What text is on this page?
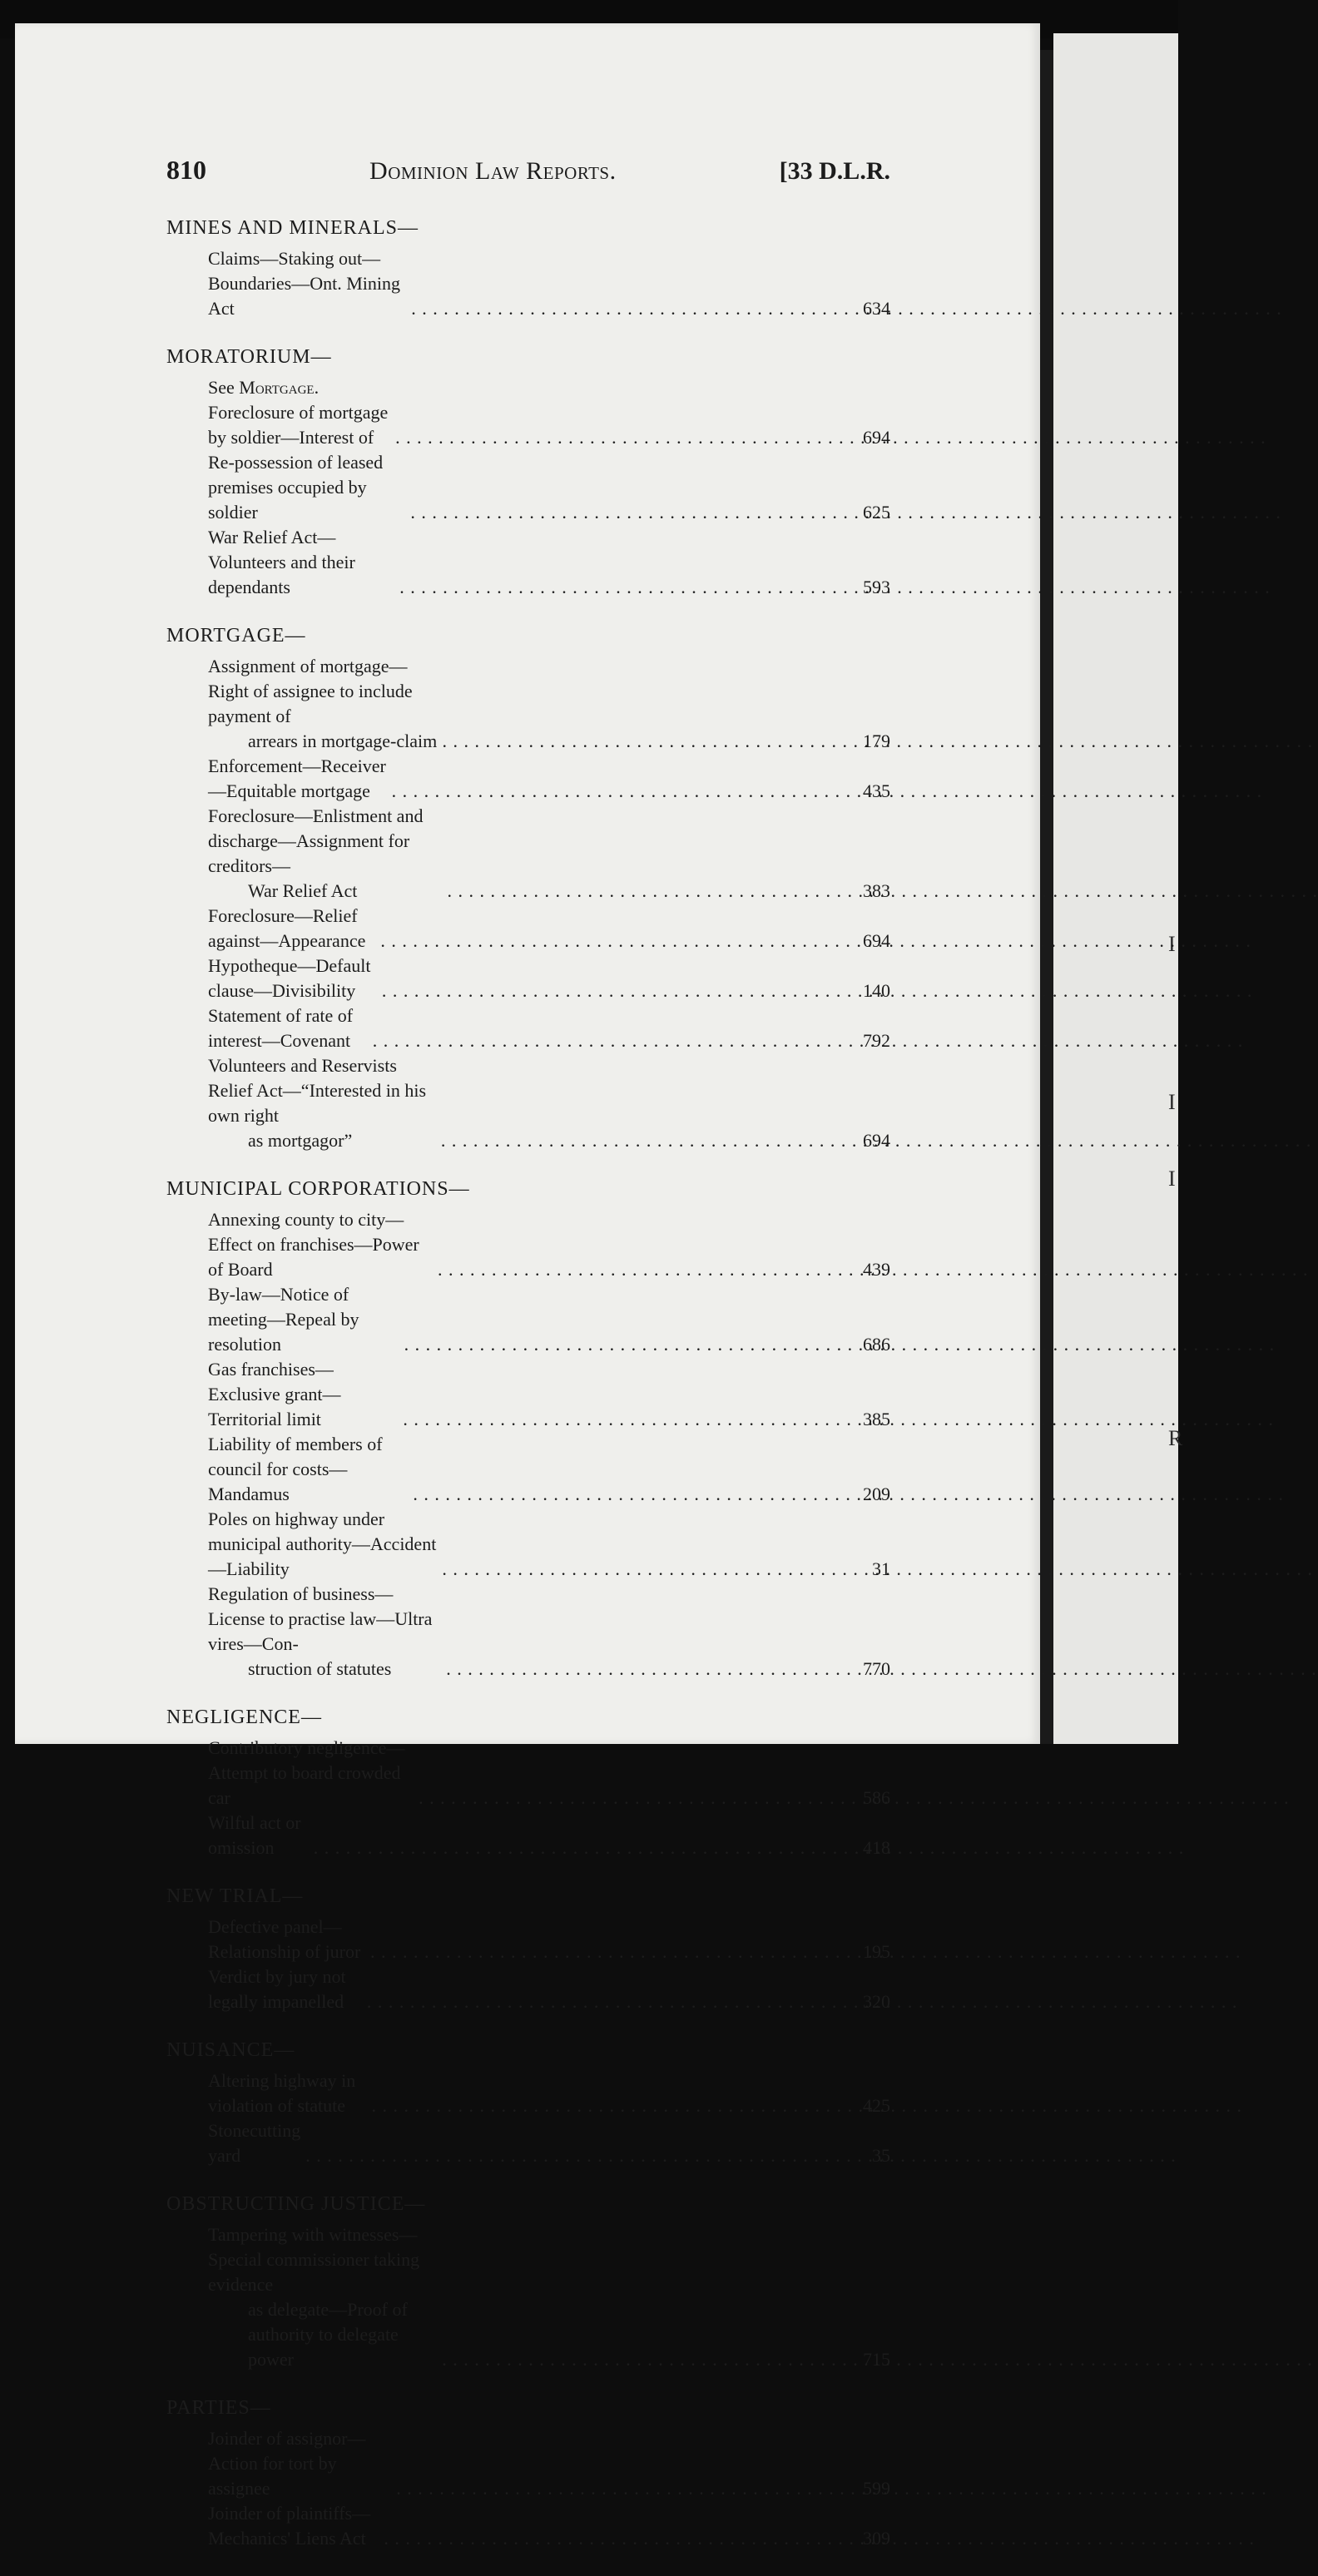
I
I
I
R
810	Dominion Law Reports.	[33 D.L.R.
MINES AND MINERALS—
Claims—Staking out—Boundaries—Ont. Mining Act . . .	634
MORATORIUM—
See Mortgage.
Foreclosure of mortgage by soldier—Interest of . . .	694
Re-possession of leased premises occupied by soldier . . .	625
War Relief Act—Volunteers and their dependants . . .	593
MORTGAGE—
Assignment of mortgage—Right of assignee to include payment of
arrears in mortgage-claim . . .	179
Enforcement—Receiver—Equitable mortgage . . .	435
Foreclosure—Enlistment and discharge—Assignment for creditors—
War Relief Act . . .	383
Foreclosure—Relief against—Appearance . . .	694
Hypotheque—Default clause—Divisibility . . .	140
Statement of rate of interest—Covenant . . .	792
Volunteers and Reservists Relief Act—“Interested in his own right
as mortgagor” . . .	694
MUNICIPAL CORPORATIONS—
Annexing county to city—Effect on franchises—Power of Board . . .	439
By-law—Notice of meeting—Repeal by resolution . . .	686
Gas franchises—Exclusive grant—Territorial limit . . .	385
Liability of members of council for costs—Mandamus . . .	209
Poles on highway under municipal authority—Accident—Liability . . .	31
Regulation of business—License to practise law—Ultra vires—Con-
struction of statutes . . .	770
NEGLIGENCE—
Contributory negligence—Attempt to board crowded car . . .	586
Wilful act or omission . . .	418
NEW TRIAL—
Defective panel—Relationship of juror . . .	195
Verdict by jury not legally impanelled . . .	320
NUISANCE—
Altering highway in violation of statute . . .	425
Stonecutting yard . . .	35
OBSTRUCTING JUSTICE—
Tampering with witnesses—Special commissioner taking evidence
as delegate—Proof of authority to delegate power . . .	715
PARTIES—
Joinder of assignor—Action for tort by assignee . . .	599
Joinder of plaintiffs—Mechanics' Liens Act . . .	309
